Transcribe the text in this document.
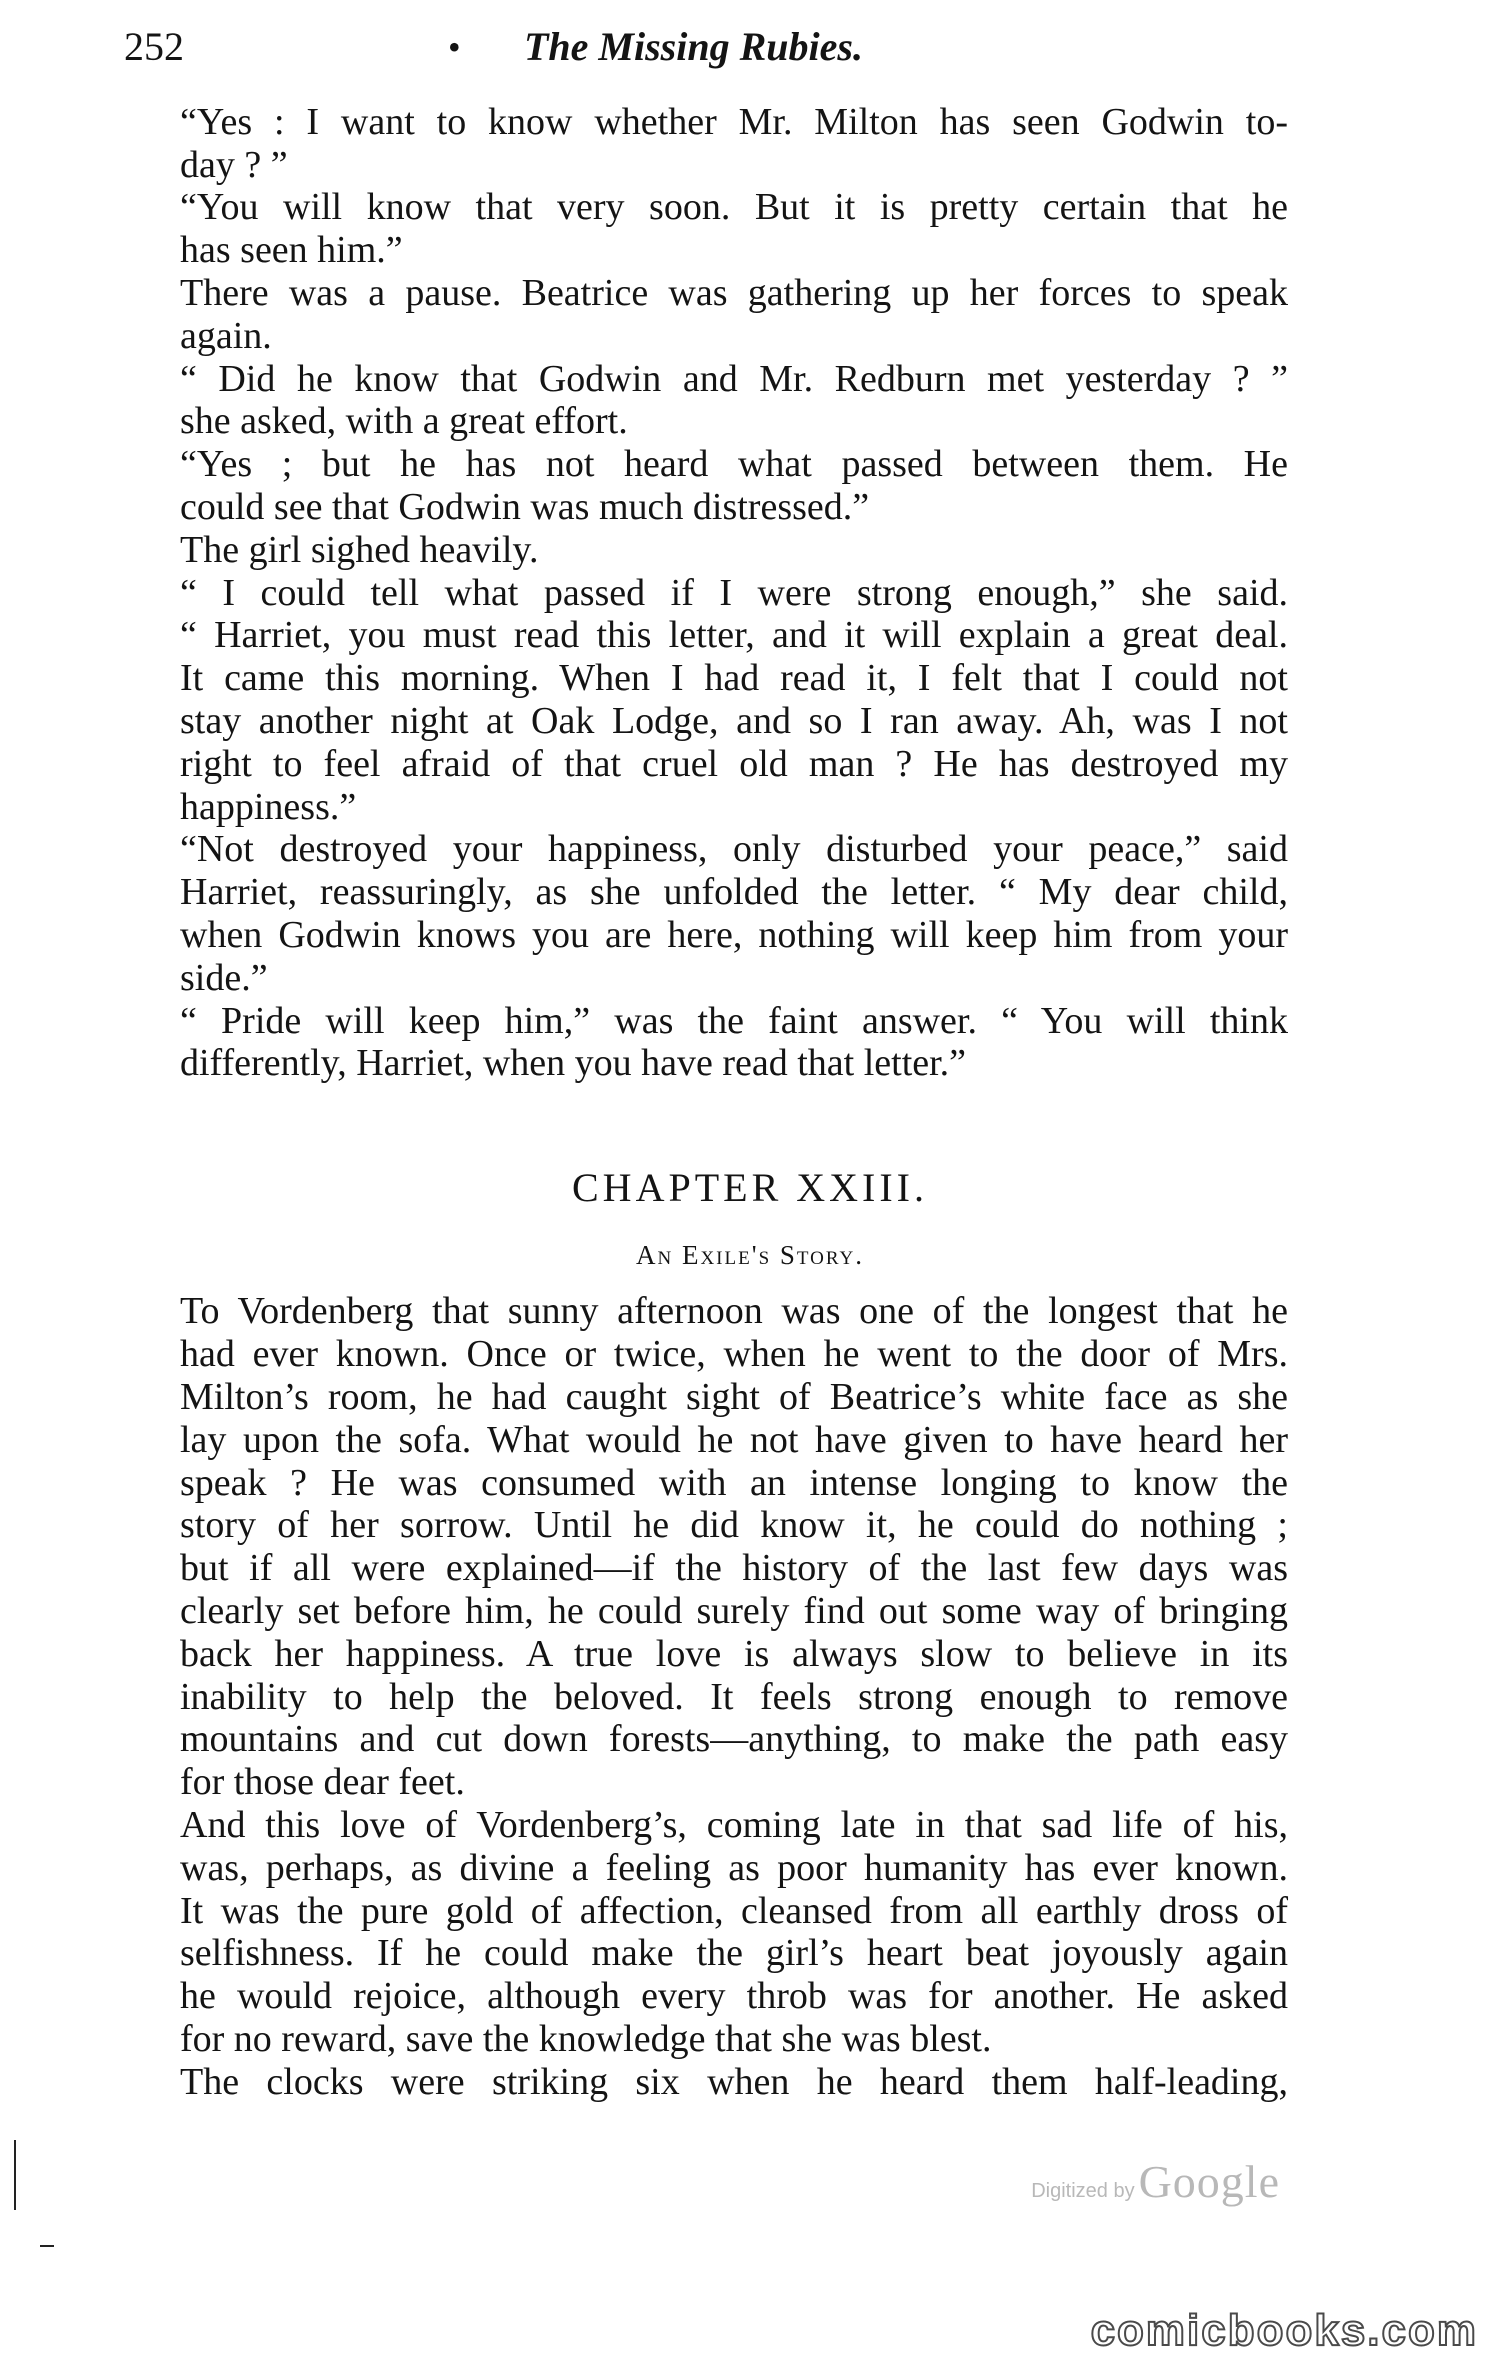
252	• The Missing Rubies.
“Yes : I want to know whether Mr. Milton has seen Godwin to-
day ? ”
“You will know that very soon. But it is pretty certain that he
has seen him.”
There was a pause. Beatrice was gathering up her forces to speak
again.
“ Did he know that Godwin and Mr. Redburn met yesterday ? ”
she asked, with a great effort.
“Yes ; but he has not heard what passed between them. He
could see that Godwin was much distressed.”
The girl sighed heavily.
“ I could tell what passed if I were strong enough,” she said.
“ Harriet, you must read this letter, and it will explain a great deal.
It came this morning. When I had read it, I felt that I could not
stay another night at Oak Lodge, and so I ran away. Ah, was I not
right to feel afraid of that cruel old man ? He has destroyed my
happiness.”
“Not destroyed your happiness, only disturbed your peace,” said
Harriet, reassuringly, as she unfolded the letter. “ My dear child,
when Godwin knows you are here, nothing will keep him from your
side.”
“ Pride will keep him,” was the faint answer. “ You will think
differently, Harriet, when you have read that letter.”
CHAPTER XXIII.
An Exile's Story.
To Vordenberg that sunny afternoon was one of the longest that he
had ever known. Once or twice, when he went to the door of Mrs.
Milton’s room, he had caught sight of Beatrice’s white face as she
lay upon the sofa. What would he not have given to have heard her
speak ? He was consumed with an intense longing to know the
story of her sorrow. Until he did know it, he could do nothing ;
but if all were explained—if the history of the last few days was
clearly set before him, he could surely find out some way of bringing
back her happiness. A true love is always slow to believe in its
inability to help the beloved. It feels strong enough to remove
mountains and cut down forests—anything, to make the path easy
for those dear feet.
And this love of Vordenberg’s, coming late in that sad life of his,
was, perhaps, as divine a feeling as poor humanity has ever known.
It was the pure gold of affection, cleansed from all earthly dross of
selfishness. If he could make the girl’s heart beat joyously again
he would rejoice, although every throb was for another. He asked
for no reward, save the knowledge that she was blest.
The clocks were striking six when he heard them half-leading,
Digitized by Google
comicbooks.com
